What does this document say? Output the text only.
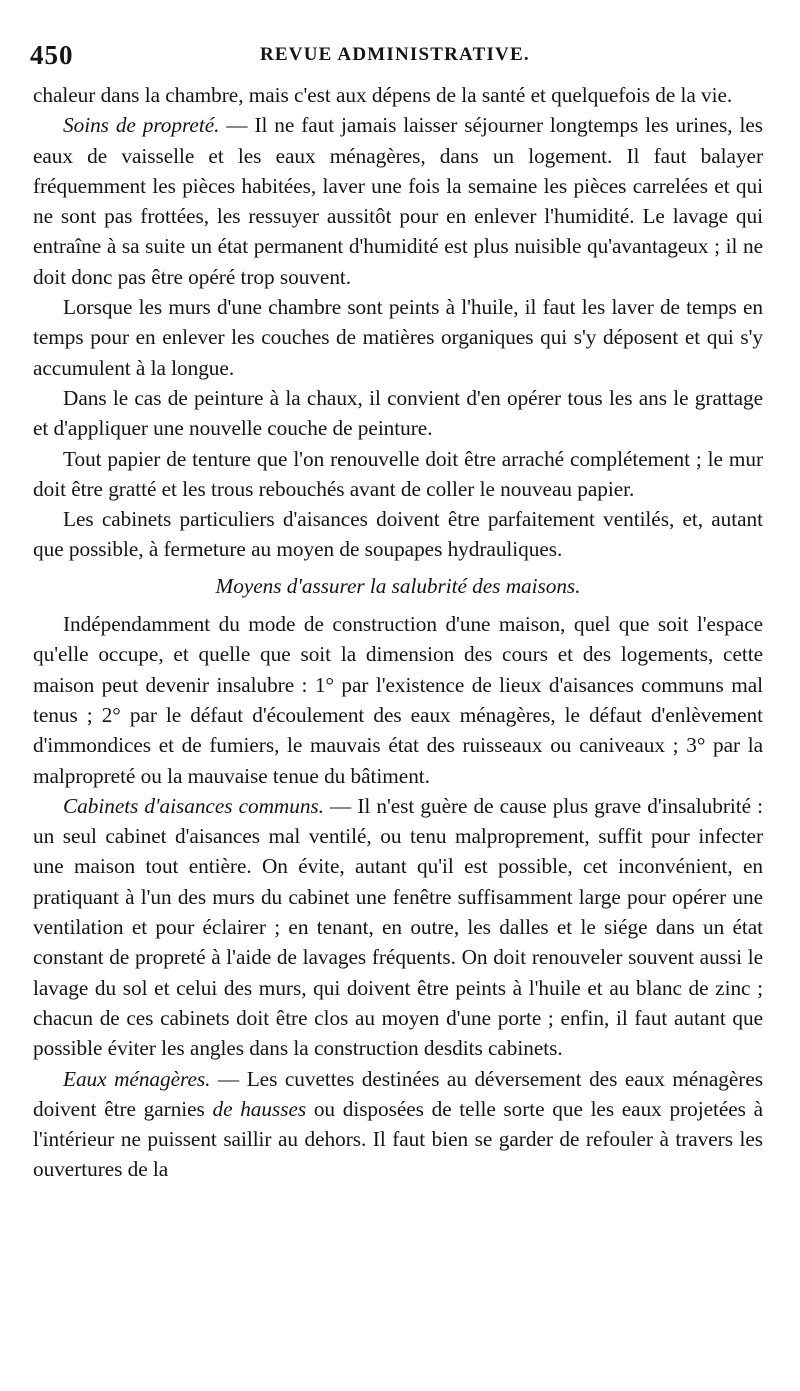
450	REVUE ADMINISTRATIVE.

chaleur dans la chambre, mais c'est aux dépens de la santé et quelquefois de la vie.

Soins de propreté. — Il ne faut jamais laisser séjourner longtemps les urines, les eaux de vaisselle et les eaux ménagères, dans un logement. Il faut balayer fréquemment les pièces habitées, laver une fois la semaine les pièces carrelées et qui ne sont pas frottées, les ressuyer aussitôt pour en enlever l'humidité. Le lavage qui entraîne à sa suite un état permanent d'humidité est plus nuisible qu'avantageux ; il ne doit donc pas être opéré trop souvent.

Lorsque les murs d'une chambre sont peints à l'huile, il faut les laver de temps en temps pour en enlever les couches de matières organiques qui s'y déposent et qui s'y accumulent à la longue.

Dans le cas de peinture à la chaux, il convient d'en opérer tous les ans le grattage et d'appliquer une nouvelle couche de peinture.

Tout papier de tenture que l'on renouvelle doit être arraché complétement ; le mur doit être gratté et les trous rebouchés avant de coller le nouveau papier.

Les cabinets particuliers d'aisances doivent être parfaitement ventilés, et, autant que possible, à fermeture au moyen de soupapes hydrauliques.

Moyens d'assurer la salubrité des maisons.

Indépendamment du mode de construction d'une maison, quel que soit l'espace qu'elle occupe, et quelle que soit la dimension des cours et des logements, cette maison peut devenir insalubre : 1° par l'existence de lieux d'aisances communs mal tenus ; 2° par le défaut d'écoulement des eaux ménagères, le défaut d'enlèvement d'immondices et de fumiers, le mauvais état des ruisseaux ou caniveaux ; 3° par la malpropreté ou la mauvaise tenue du bâtiment.

Cabinets d'aisances communs. — Il n'est guère de cause plus grave d'insalubrité : un seul cabinet d'aisances mal ventilé, ou tenu malproprement, suffit pour infecter une maison tout entière. On évite, autant qu'il est possible, cet inconvénient, en pratiquant à l'un des murs du cabinet une fenêtre suffisamment large pour opérer une ventilation et pour éclairer ; en tenant, en outre, les dalles et le siége dans un état constant de propreté à l'aide de lavages fréquents. On doit renouveler souvent aussi le lavage du sol et celui des murs, qui doivent être peints à l'huile et au blanc de zinc ; chacun de ces cabinets doit être clos au moyen d'une porte ; enfin, il faut autant que possible éviter les angles dans la construction desdits cabinets.

Eaux ménagères. — Les cuvettes destinées au déversement des eaux ménagères doivent être garnies de hausses ou disposées de telle sorte que les eaux projetées à l'intérieur ne puissent saillir au dehors. Il faut bien se garder de refouler à travers les ouvertures de la
